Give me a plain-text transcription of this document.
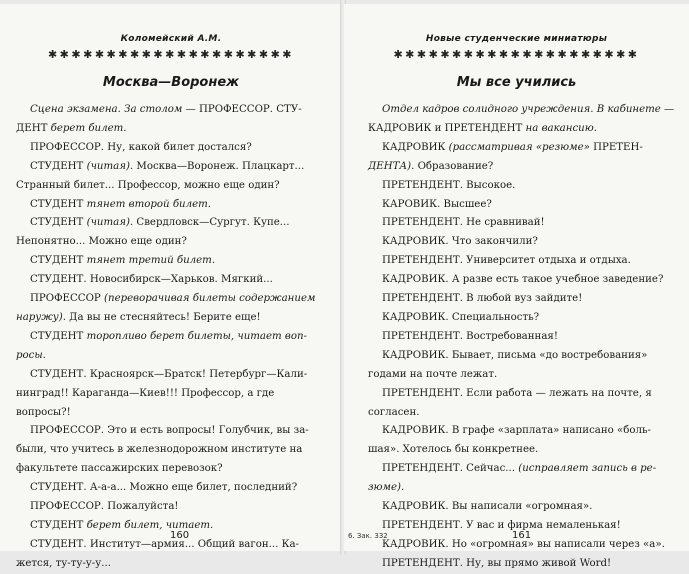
Коломейский А.М.
✱✱✱✱✱✱✱✱✱✱✱✱✱✱✱✱✱✱✱✱✱
Москва—Воронеж

Сцена экзамена. За столом — ПРОФЕССОР. СТУ-

ДЕНТ берет билет.

ПРОФЕССОР. Ну, какой билет достался?

СТУДЕНТ (читая). Москва—Воронеж. Плацкарт...

Странный билет... Профессор, можно еще один?

СТУДЕНТ тянет второй билет.

СТУДЕНТ (читая). Свердловск—Сургут. Купе...

Непонятно... Можно еще один?

СТУДЕНТ тянет третий билет.

СТУДЕНТ. Новосибирск—Харьков. Мягкий...

ПРОФЕССОР (переворачивая билеты содержанием

наружу). Да вы не стесняйтесь! Берите еще!

СТУДЕНТ торопливо берет билеты, читает воп-

росы.

СТУДЕНТ. Красноярск—Братск! Петербург—Кали-

нинград!! Караганда—Киев!!! Профессор, а где вопросы?!

ПРОФЕССОР. Это и есть вопросы! Голубчик, вы за-

были, что учитесь в железнодорожном институте на

факультете пассажирских перевозок?

СТУДЕНТ. А-а-а... Можно еще билет, последний?

ПРОФЕССОР. Пожалуйста!

СТУДЕНТ берет билет, читает.

СТУДЕНТ. Институт—армия... Общий вагон... Ка-

жется, ту-ту-у-у...

160
Новые студенческие миниатюры
✱✱✱✱✱✱✱✱✱✱✱✱✱✱✱✱✱✱✱✱✱
Мы все учились

Отдел кадров солидного учреждения. В кабинете —

КАДРОВИК и ПРЕТЕНДЕНТ на вакансию.

КАДРОВИК (рассматривая «резюме» ПРЕТЕН-

ДЕНТА). Образование?

ПРЕТЕНДЕНТ. Высокое.

КАРОВИК. Высшее?

ПРЕТЕНДЕНТ. Не сравнивай!

КАДРОВИК. Что закончили?

ПРЕТЕНДЕНТ. Университет отдыха и отдыха.

КАДРОВИК. А разве есть такое учебное заведение?

ПРЕТЕНДЕНТ. В любой вуз зайдите!

КАДРОВИК. Специальность?

ПРЕТЕНДЕНТ. Востребованная!

КАДРОВИК. Бывает, письма «до востребования»

годами на почте лежат.

ПРЕТЕНДЕНТ. Если работа — лежать на почте, я

согласен.

КАДРОВИК. В графе «зарплата» написано «боль-

шая». Хотелось бы конкретнее.

ПРЕТЕНДЕНТ. Сейчас... (исправляет запись в ре-

зюме).

КАДРОВИК. Вы написали «огромная».

ПРЕТЕНДЕНТ. У вас и фирма немаленькая!

КАДРОВИК. Но «огромная» вы написали через «а».

ПРЕТЕНДЕНТ. Ну, вы прямо живой Word!

6. Зак. 332	161
